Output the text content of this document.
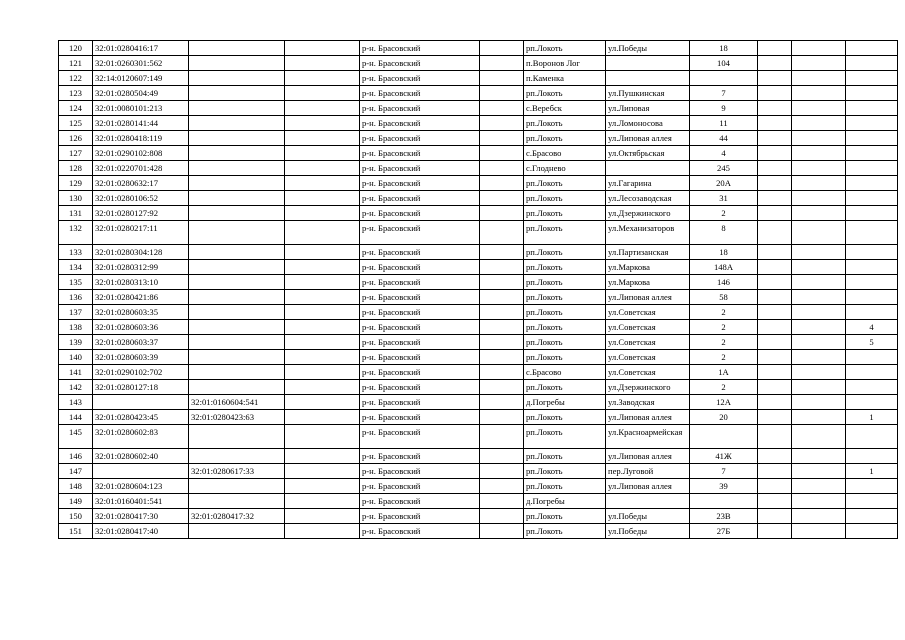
120	32:01:0280416:17			р-н. Брасовский		рп.Локоть	ул.Победы	18			
121	32:01:0260301:562			р-н. Брасовский		п.Воронов Лог		104			
122	32:14:0120607:149			р-н. Брасовский		п.Каменка					
123	32:01:0280504:49			р-н. Брасовский		рп.Локоть	ул.Пушкинская	7			
124	32:01:0080101:213			р-н. Брасовский		с.Веребск	ул.Липовая	9			
125	32:01:0280141:44			р-н. Брасовский		рп.Локоть	ул.Ломоносова	11			
126	32:01:0280418:119			р-н. Брасовский		рп.Локоть	ул.Липовая аллея	44			
127	32:01:0290102:808			р-н. Брасовский		с.Брасово	ул.Октябрьская	4			
128	32:01:0220701:428			р-н. Брасовский		с.Глоднево		245			
129	32:01:0280632:17			р-н. Брасовский		рп.Локоть	ул.Гагарина	20А			
130	32:01:0280106:52			р-н. Брасовский		рп.Локоть	ул.Лесозаводская	31			
131	32:01:0280127:92			р-н. Брасовский		рп.Локоть	ул.Дзержинского	2			
132	32:01:0280217:11			р-н. Брасовский		рп.Локоть	ул.Механизаторов	8			
133	32:01:0280304:128			р-н. Брасовский		рп.Локоть	ул.Партизанская	18			
134	32:01:0280312:99			р-н. Брасовский		рп.Локоть	ул.Маркова	148А			
135	32:01:0280313:10			р-н. Брасовский		рп.Локоть	ул.Маркова	146			
136	32:01:0280421:86			р-н. Брасовский		рп.Локоть	ул.Липовая аллея	58			
137	32:01:0280603:35			р-н. Брасовский		рп.Локоть	ул.Советская	2			
138	32:01:0280603:36			р-н. Брасовский		рп.Локоть	ул.Советская	2			4
139	32:01:0280603:37			р-н. Брасовский		рп.Локоть	ул.Советская	2			5
140	32:01:0280603:39			р-н. Брасовский		рп.Локоть	ул.Советская	2			
141	32:01:0290102:702			р-н. Брасовский		с.Брасово	ул.Советская	1А			
142	32:01:0280127:18			р-н. Брасовский		рп.Локоть	ул.Дзержинского	2			
143		32:01:0160604:541		р-н. Брасовский		д.Погребы	ул.Заводская	12А			
144	32:01:0280423:45	32:01:0280423:63		р-н. Брасовский		рп.Локоть	ул.Липовая аллея	20			1
145	32:01:0280602:83			р-н. Брасовский		рп.Локоть	ул.Красноармейская				
146	32:01:0280602:40			р-н. Брасовский		рп.Локоть	ул.Липовая аллея	41Ж			
147		32:01:0280617:33		р-н. Брасовский		рп.Локоть	пер.Луговой	7			1
148	32:01:0280604:123			р-н. Брасовский		рп.Локоть	ул.Липовая аллея	39			
149	32:01:0160401:541			р-н. Брасовский		д.Погребы					
150	32:01:0280417:30	32:01:0280417:32		р-н. Брасовский		рп.Локоть	ул.Победы	23В			
151	32:01:0280417:40			р-н. Брасовский		рп.Локоть	ул.Победы	27Б			
